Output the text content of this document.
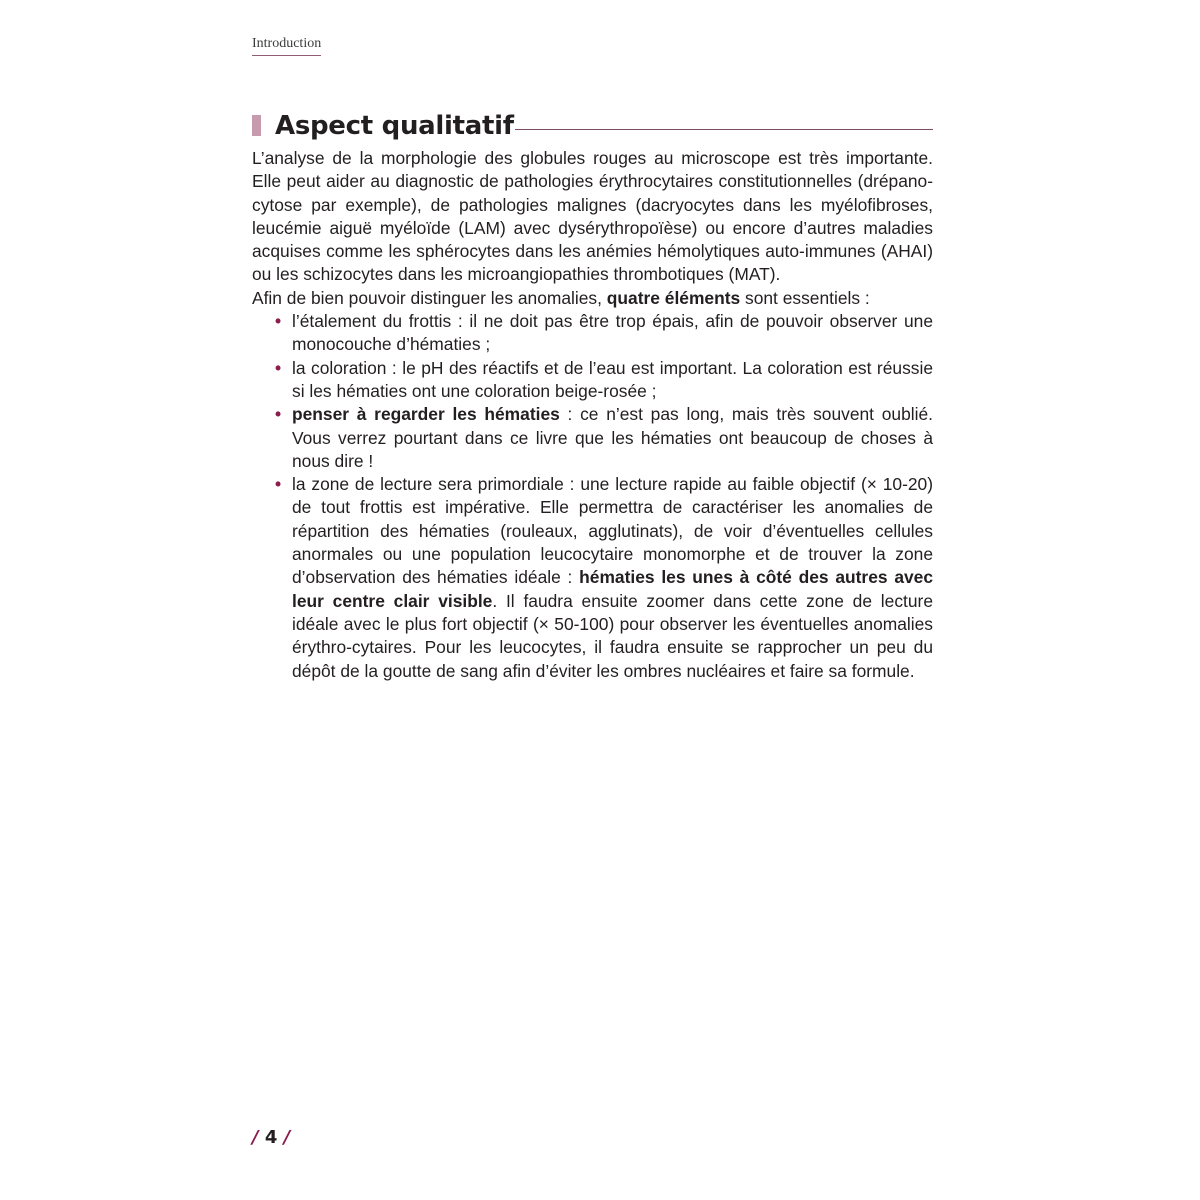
Introduction
Aspect qualitatif

L’analyse de la morphologie des globules rouges au microscope est très importante. Elle peut aider au diagnostic de pathologies érythrocytaires constitutionnelles (drépano-cytose par exemple), de pathologies malignes (dacryocytes dans les myélofibroses, leucémie aiguë myéloïde (LAM) avec dysérythropoïèse) ou encore d’autres maladies acquises comme les sphérocytes dans les anémies hémolytiques auto-immunes (AHAI) ou les schizocytes dans les microangiopathies thrombotiques (MAT).

Afin de bien pouvoir distinguer les anomalies, quatre éléments sont essentiels :

• l’étalement du frottis : il ne doit pas être trop épais, afin de pouvoir observer une monocouche d’hématies ;
• la coloration : le pH des réactifs et de l’eau est important. La coloration est réussie si les hématies ont une coloration beige-rosée ;
• penser à regarder les hématies : ce n’est pas long, mais très souvent oublié. Vous verrez pourtant dans ce livre que les hématies ont beaucoup de choses à nous dire !
• la zone de lecture sera primordiale : une lecture rapide au faible objectif (× 10-20) de tout frottis est impérative. Elle permettra de caractériser les anomalies de répartition des hématies (rouleaux, agglutinats), de voir d’éventuelles cellules anormales ou une population leucocytaire monomorphe et de trouver la zone d’observation des hématies idéale : hématies les unes à côté des autres avec leur centre clair visible. Il faudra ensuite zoomer dans cette zone de lecture idéale avec le plus fort objectif (× 50-100) pour observer les éventuelles anomalies érythro-cytaires. Pour les leucocytes, il faudra ensuite se rapprocher un peu du dépôt de la goutte de sang afin d’éviter les ombres nucléaires et faire sa formule.
/ 4 /
